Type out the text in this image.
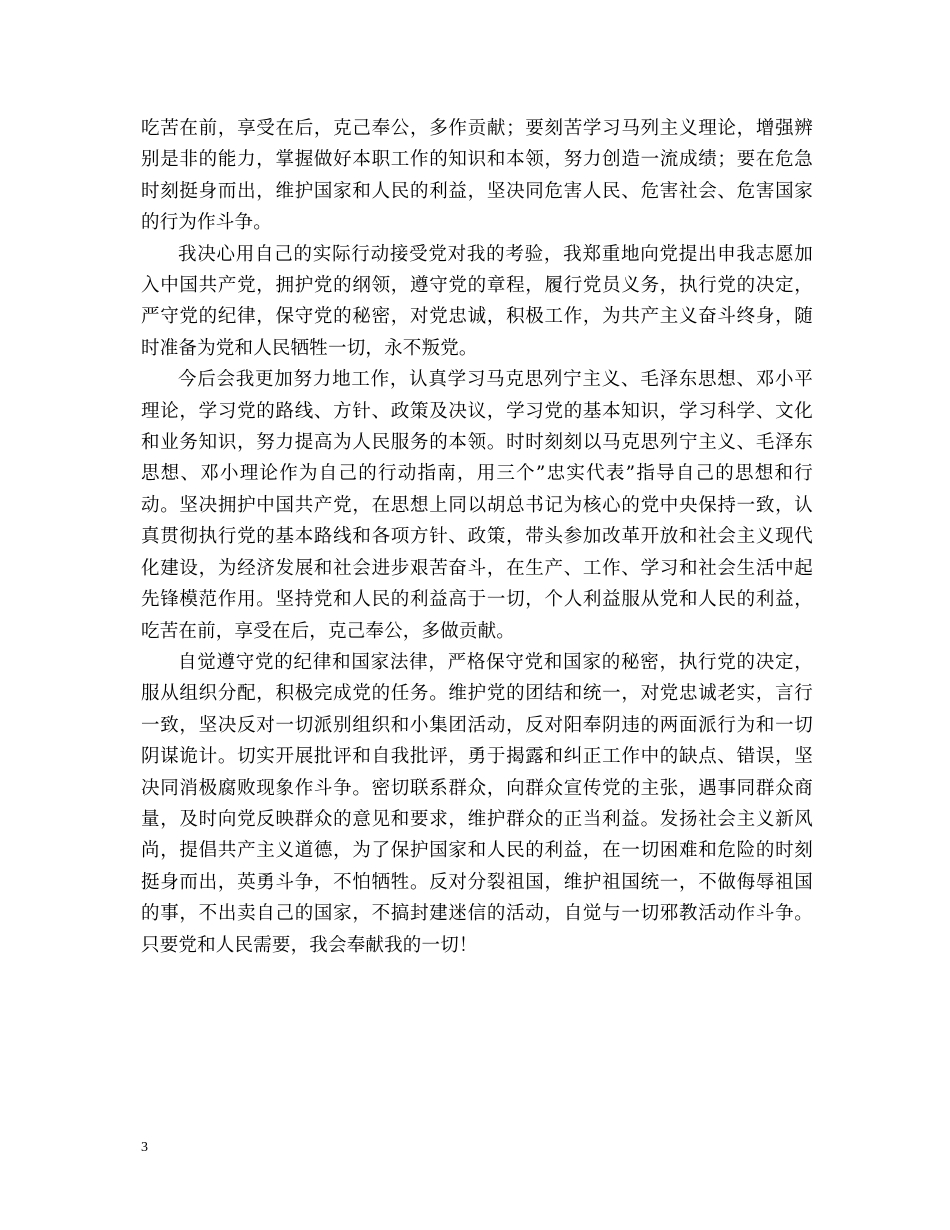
吃苦在前，享受在后，克己奉公，多作贡献；要刻苦学习马列主义理论，增强辨别是非的能力，掌握做好本职工作的知识和本领，努力创造一流成绩；要在危急时刻挺身而出，维护国家和人民的利益，坚决同危害人民、危害社会、危害国家的行为作斗争。

我决心用自己的实际行动接受党对我的考验，我郑重地向党提出申我志愿加入中国共产党，拥护党的纲领，遵守党的章程，履行党员义务，执行党的决定，严守党的纪律，保守党的秘密，对党忠诚，积极工作，为共产主义奋斗终身，随时准备为党和人民牺牲一切，永不叛党。

今后会我更加努力地工作，认真学习马克思列宁主义、毛泽东思想、邓小平理论，学习党的路线、方针、政策及决议，学习党的基本知识，学习科学、文化和业务知识，努力提高为人民服务的本领。时时刻刻以马克思列宁主义、毛泽东思想、邓小理论作为自己的行动指南，用三个”忠实代表”指导自己的思想和行动。坚决拥护中国共产党，在思想上同以胡总书记为核心的党中央保持一致，认真贯彻执行党的基本路线和各项方针、政策，带头参加改革开放和社会主义现代化建设，为经济发展和社会进步艰苦奋斗，在生产、工作、学习和社会生活中起先锋模范作用。坚持党和人民的利益高于一切，个人利益服从党和人民的利益，吃苦在前，享受在后，克己奉公，多做贡献。

自觉遵守党的纪律和国家法律，严格保守党和国家的秘密，执行党的决定，服从组织分配，积极完成党的任务。维护党的团结和统一，对党忠诚老实，言行一致，坚决反对一切派别组织和小集团活动，反对阳奉阴违的两面派行为和一切阴谋诡计。切实开展批评和自我批评，勇于揭露和纠正工作中的缺点、错误，坚决同消极腐败现象作斗争。密切联系群众，向群众宣传党的主张，遇事同群众商量，及时向党反映群众的意见和要求，维护群众的正当利益。发扬社会主义新风尚，提倡共产主义道德，为了保护国家和人民的利益，在一切困难和危险的时刻挺身而出，英勇斗争，不怕牺牲。反对分裂祖国，维护祖国统一，不做侮辱祖国的事，不出卖自己的国家，不搞封建迷信的活动，自觉与一切邪教活动作斗争。只要党和人民需要，我会奉献我的一切！

3
